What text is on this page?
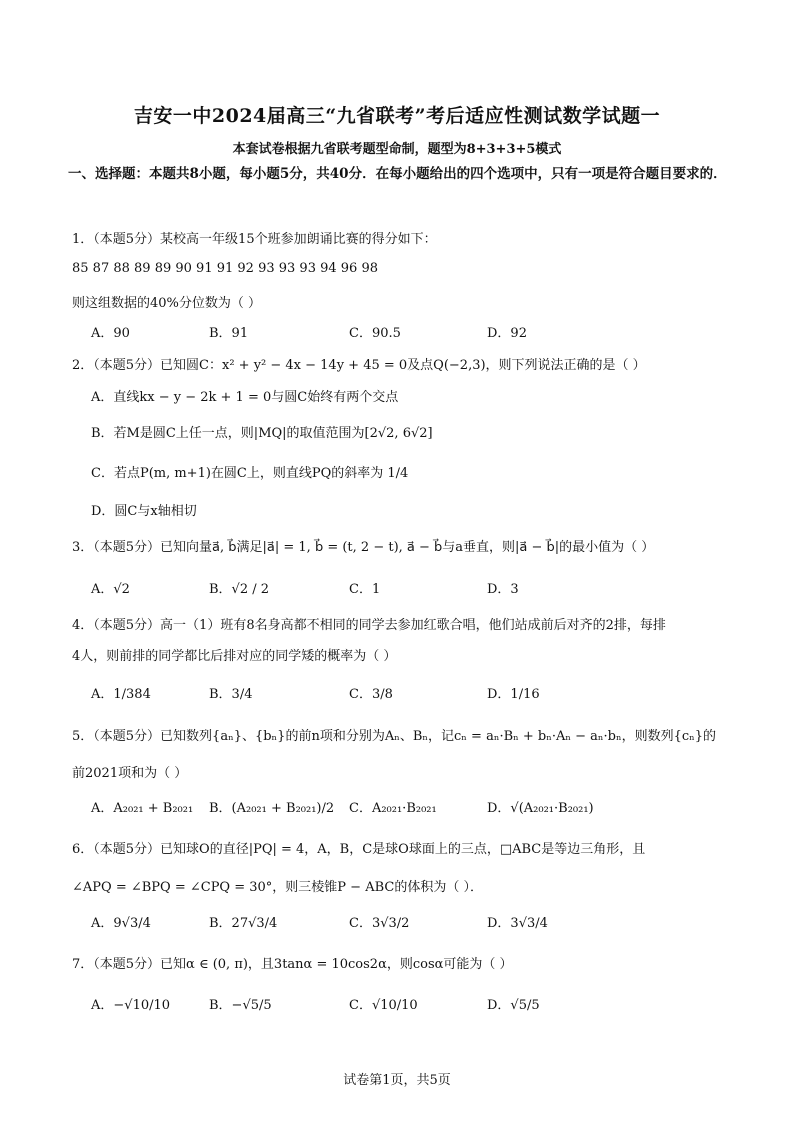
吉安一中2024届高三“九省联考”考后适应性测试数学试题一
本套试卷根据九省联考题型命制，题型为8+3+3+5模式
一、选择题：本题共8小题，每小题5分，共40分．在每小题给出的四个选项中，只有一项是符合题目要求的．
1．（本题5分）某校高一年级15个班参加朗诵比赛的得分如下：
85 87 88 89 89 90 91 91 92 93 93 93 94 96 98
则这组数据的40%分位数为（ ）
A．90	B．91	C．90.5	D．92
2．（本题5分）已知圆C：x² + y² − 4x − 14y + 45 = 0及点Q(−2,3)，则下列说法正确的是（ ）
A．直线kx − y − 2k + 1 = 0与圆C始终有两个交点
B．若M是圆C上任一点，则|MQ|的取值范围为[2√2, 6√2]
C．若点P(m, m+1)在圆C上，则直线PQ的斜率为 1/4
D．圆C与x轴相切
3．（本题5分）已知向量a⃗, b⃗满足|a⃗| = 1, b⃗ = (t, 2 − t), a⃗ − b⃗与a垂直，则|a⃗ − b⃗|的最小值为（ ）
A．√2	B．√2 / 2	C．1	D．3
4．（本题5分）高一（1）班有8名身高都不相同的同学去参加红歌合唱，他们站成前后对齐的2排，每排
4人，则前排的同学都比后排对应的同学矮的概率为（ ）
A．1/384	B．3/4	C．3/8	D．1/16
5．（本题5分）已知数列{aₙ}、{bₙ}的前n项和分别为Aₙ、Bₙ，记cₙ = aₙ·Bₙ + bₙ·Aₙ − aₙ·bₙ，则数列{cₙ}的
前2021项和为（ ）
A．A₂₀₂₁ + B₂₀₂₁ B．(A₂₀₂₁ + B₂₀₂₁)/2 C．A₂₀₂₁·B₂₀₂₁	D．√(A₂₀₂₁·B₂₀₂₁)
6．（本题5分）已知球O的直径|PQ| = 4，A，B，C是球O球面上的三点，□ABC是等边三角形，且
∠APQ = ∠BPQ = ∠CPQ = 30°，则三棱锥P − ABC的体积为（ ）．
A．9√3/4	B．27√3/4	C．3√3/2	D．3√3/4
7．（本题5分）已知α ∈ (0, π)，且3tanα = 10cos2α，则cosα可能为（ ）
A．−√10/10	B．−√5/5	C．√10/10	D．√5/5
试卷第1页，共5页
